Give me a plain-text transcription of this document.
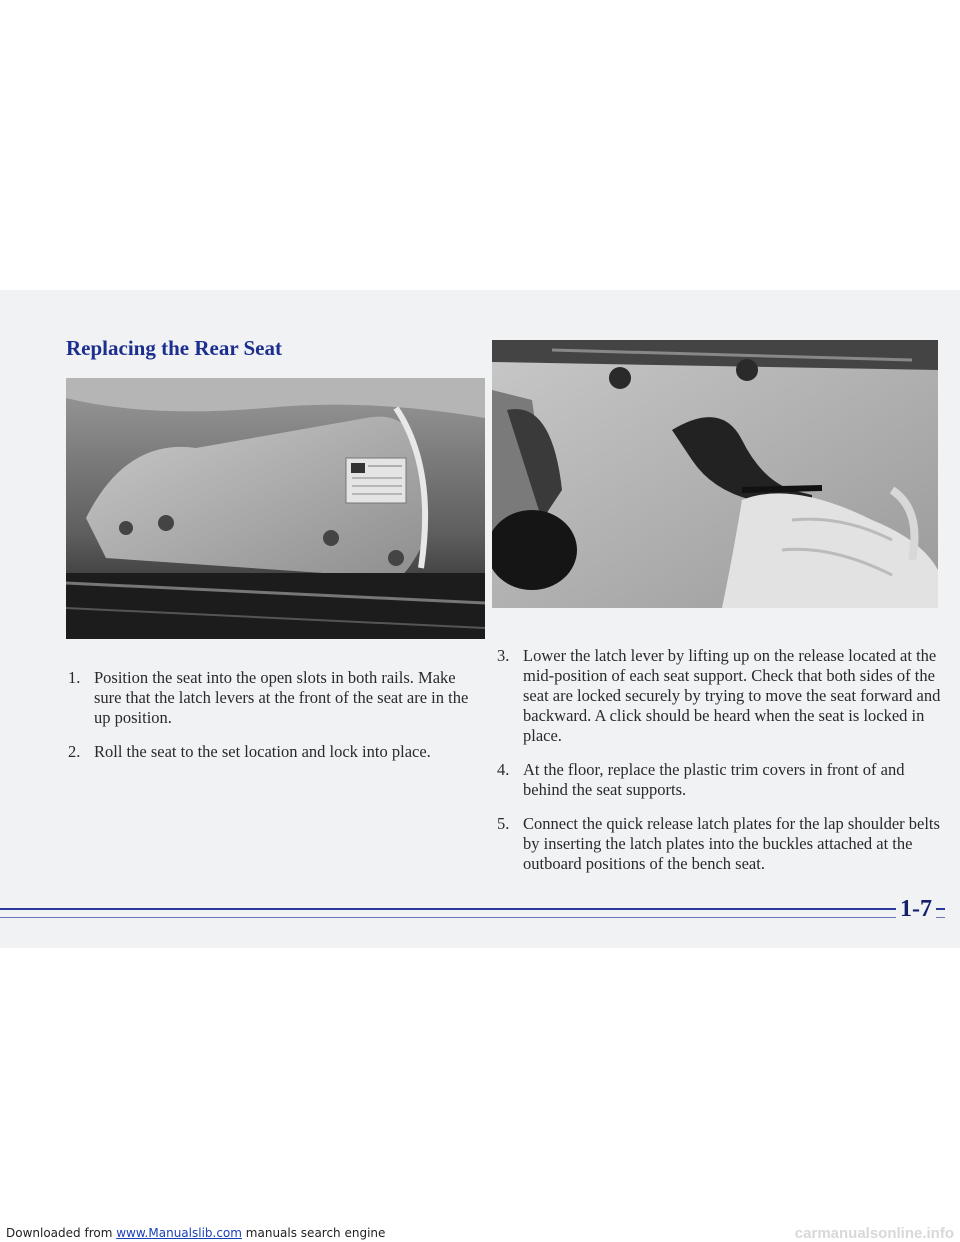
Replacing the Rear Seat
1. Position the seat into the open slots in both rails. Make sure that the latch levers at the front of the seat are in the up position.
2. Roll the seat to the set location and lock into place.
3. Lower the latch lever by lifting up on the release located at the mid-position of each seat support. Check that both sides of the seat are locked securely by trying to move the seat forward and backward. A click should be heard when the seat is locked in place.
4. At the floor, replace the plastic trim covers in front of and behind the seat supports.
5. Connect the quick release latch plates for the lap shoulder belts by inserting the latch plates into the buckles attached at the outboard positions of the bench seat.
1-7
Downloaded from www.Manualslib.com manuals search engine	carmanualsonline.info
